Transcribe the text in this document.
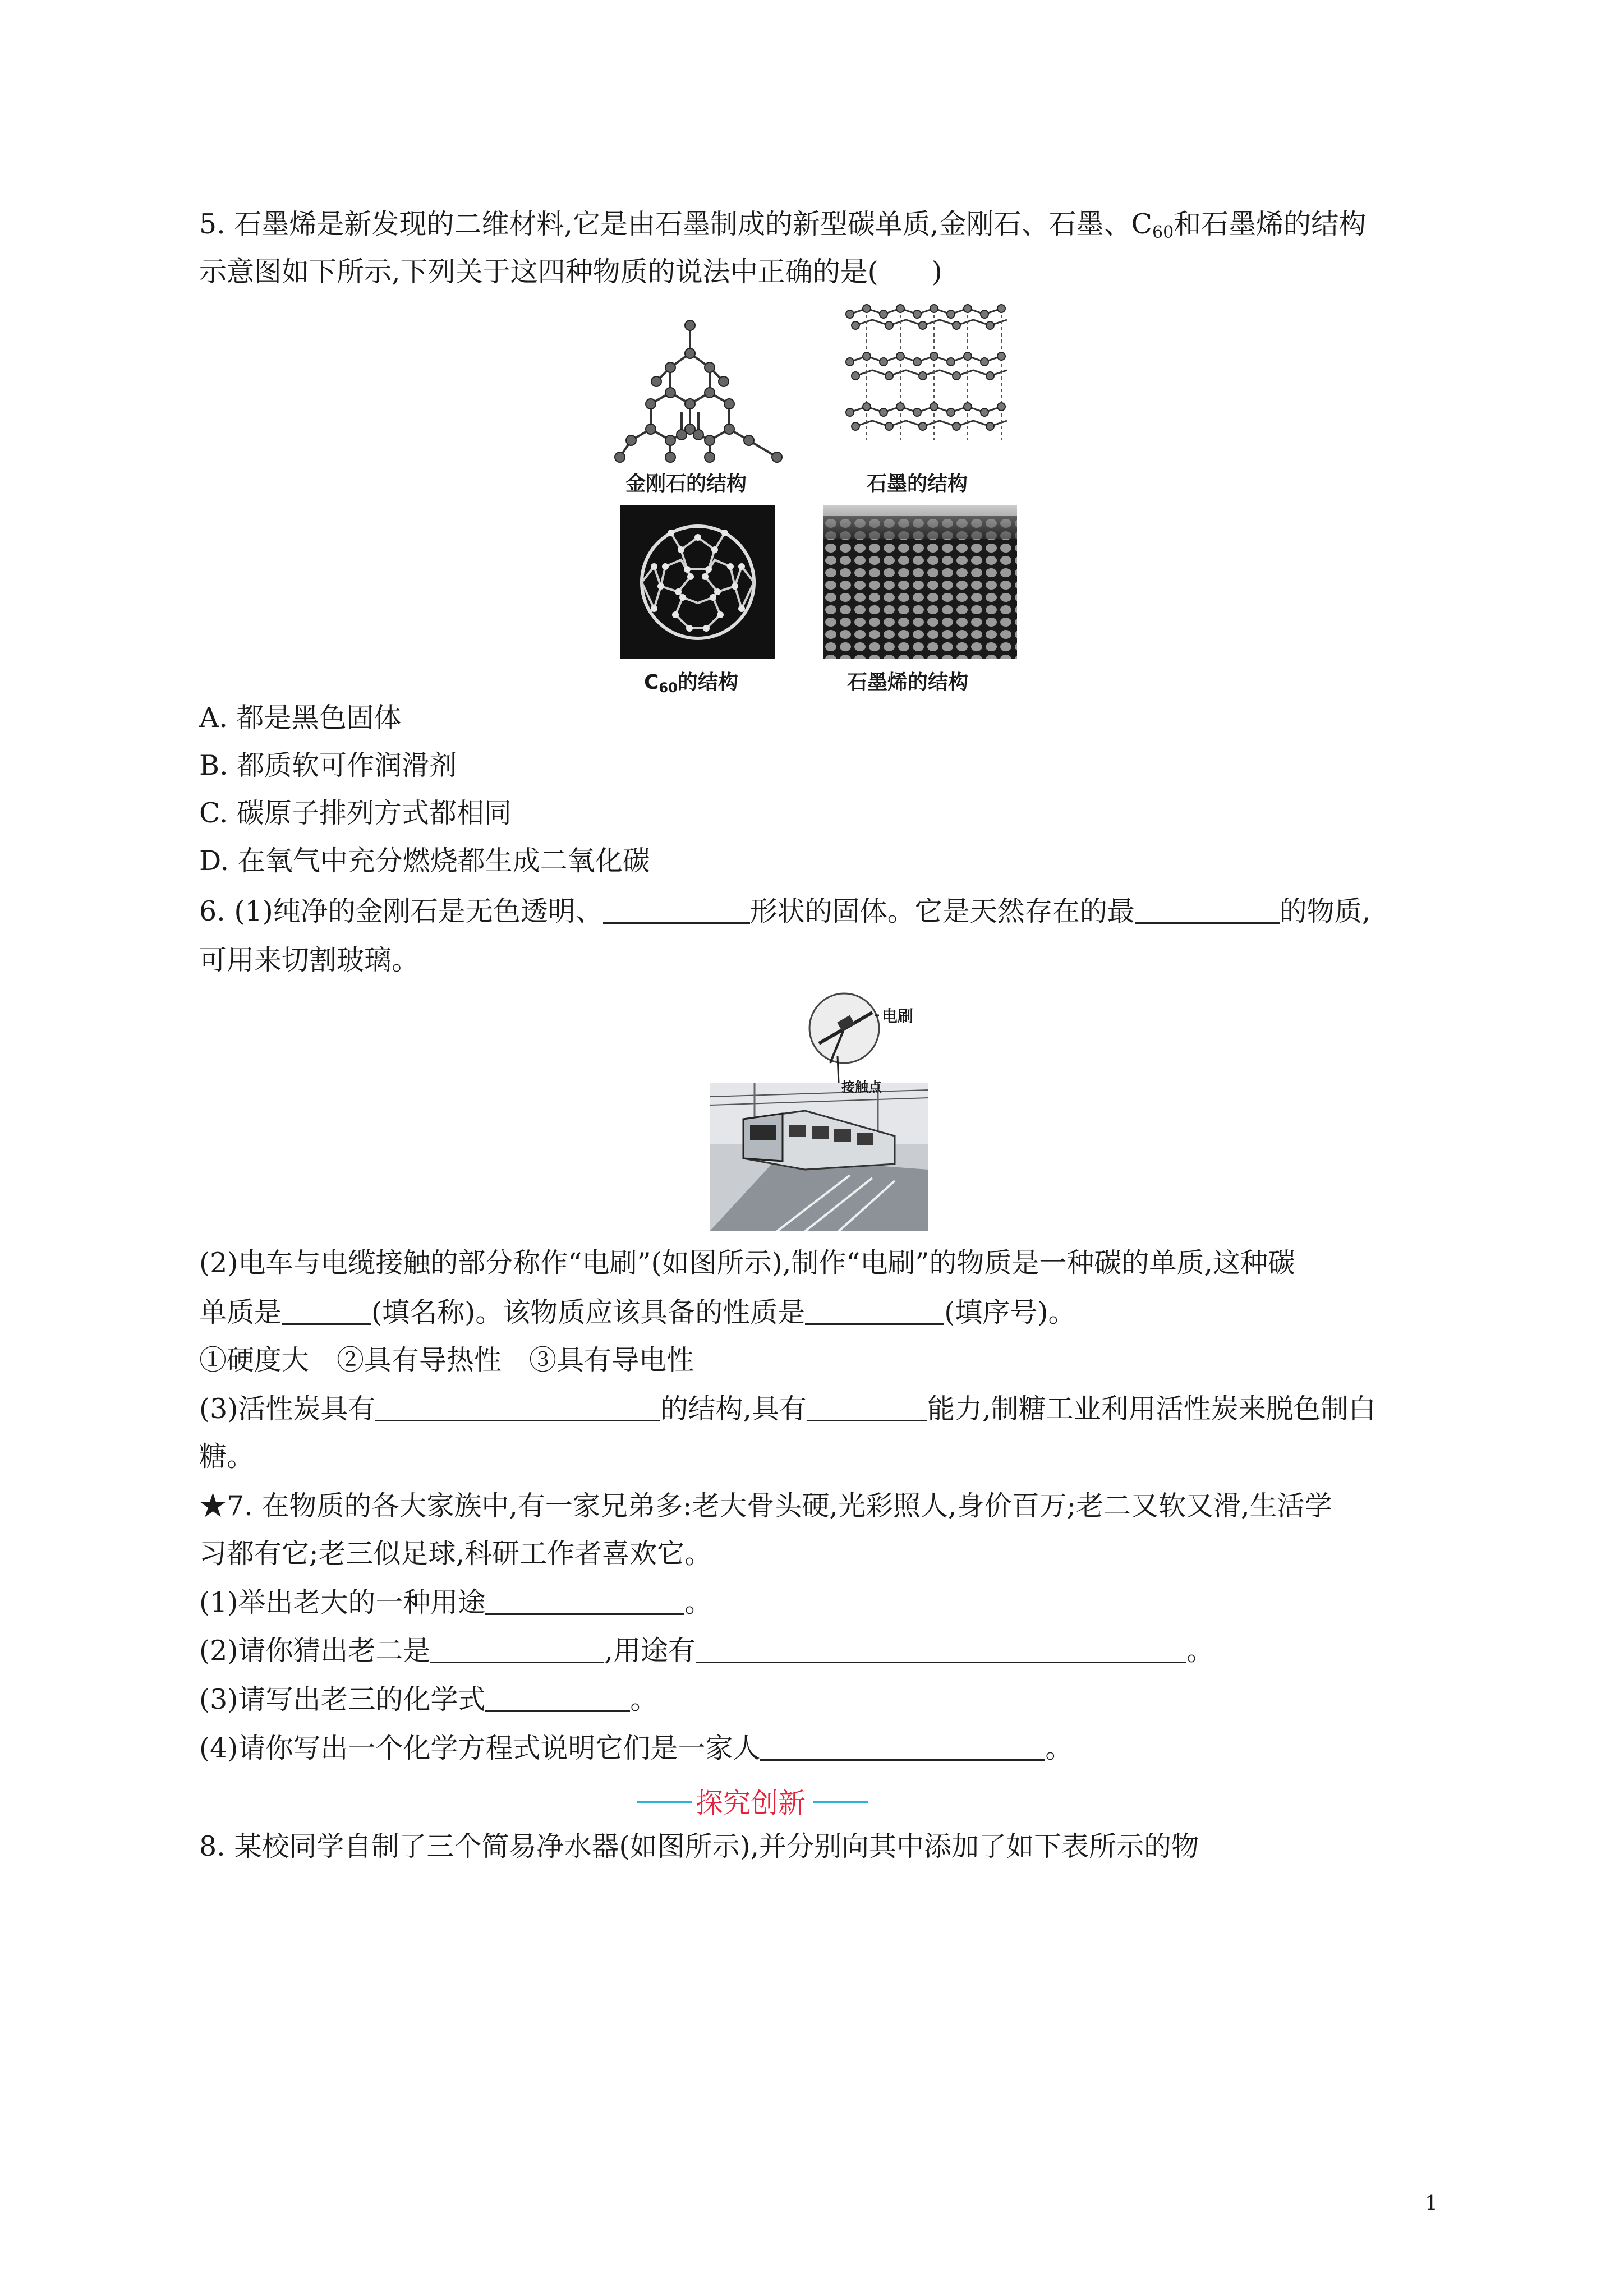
5. 石墨烯是新发现的二维材料,它是由石墨制成的新型碳单质,金刚石、石墨、$C_{60}$和石墨烯的结构
示意图如下所示,下列关于这四种物质的说法中正确的是( )
金刚石的结构	石墨的结构
$C_{60}$的结构	石墨烯的结构
A. 都是黑色固体
B. 都质软可作润滑剂
C. 碳原子排列方式都相同
D. 在氧气中充分燃烧都生成二氧化碳
6. (1)纯净的金刚石是无色透明、	形状的固体。它是天然存在的最	的物质,
可用来切割玻璃。
电刷
接触点
(2)电车与电缆接触的部分称作“电刷”(如图所示),制作“电刷”的物质是一种碳的单质,这种碳
单质是	(填名称)。该物质应该具备的性质是	(填序号)。
①硬度大　②具有导热性　③具有导电性
(3)活性炭具有	的结构,具有	能力,制糖工业利用活性炭来脱色制白
糖。
★7. 在物质的各大家族中,有一家兄弟多:老大骨头硬,光彩照人,身价百万;老二又软又滑,生活学
习都有它;老三似足球,科研工作者喜欢它。
(1)举出老大的一种用途	。
(2)请你猜出老二是	,用途有	。
(3)请写出老三的化学式	。
(4)请你写出一个化学方程式说明它们是一家人	。
探究创新
8. 某校同学自制了三个简易净水器(如图所示),并分别向其中添加了如下表所示的物
1
